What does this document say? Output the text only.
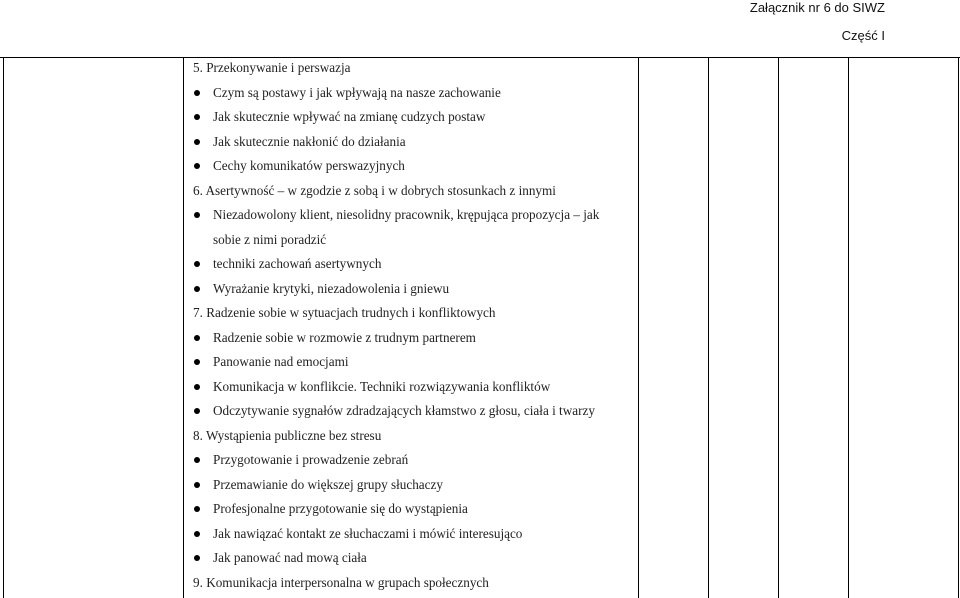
Załącznik nr 6 do SIWZ
Część I
5. Przekonywanie i perswazja
Czym są postawy i jak wpływają na nasze zachowanie
Jak skutecznie wpływać na zmianę cudzych postaw
Jak skutecznie nakłonić do działania
Cechy komunikatów perswazyjnych
6. Asertywność – w zgodzie z sobą i w dobrych stosunkach z innymi
Niezadowolony klient, niesolidny pracownik, krępująca propozycja – jak
sobie z nimi poradzić
techniki zachowań asertywnych
Wyrażanie krytyki, niezadowolenia i gniewu
7. Radzenie sobie w sytuacjach trudnych i konfliktowych
Radzenie sobie w rozmowie z trudnym partnerem
Panowanie nad emocjami
Komunikacja w konflikcie. Techniki rozwiązywania konfliktów
Odczytywanie sygnałów zdradzających kłamstwo z głosu, ciała i twarzy
8. Wystąpienia publiczne bez stresu
Przygotowanie i prowadzenie zebrań
Przemawianie do większej grupy słuchaczy
Profesjonalne przygotowanie się do wystąpienia
Jak nawiązać kontakt ze słuchaczami i mówić interesująco
Jak panować nad mową ciała
9. Komunikacja interpersonalna w grupach społecznych
